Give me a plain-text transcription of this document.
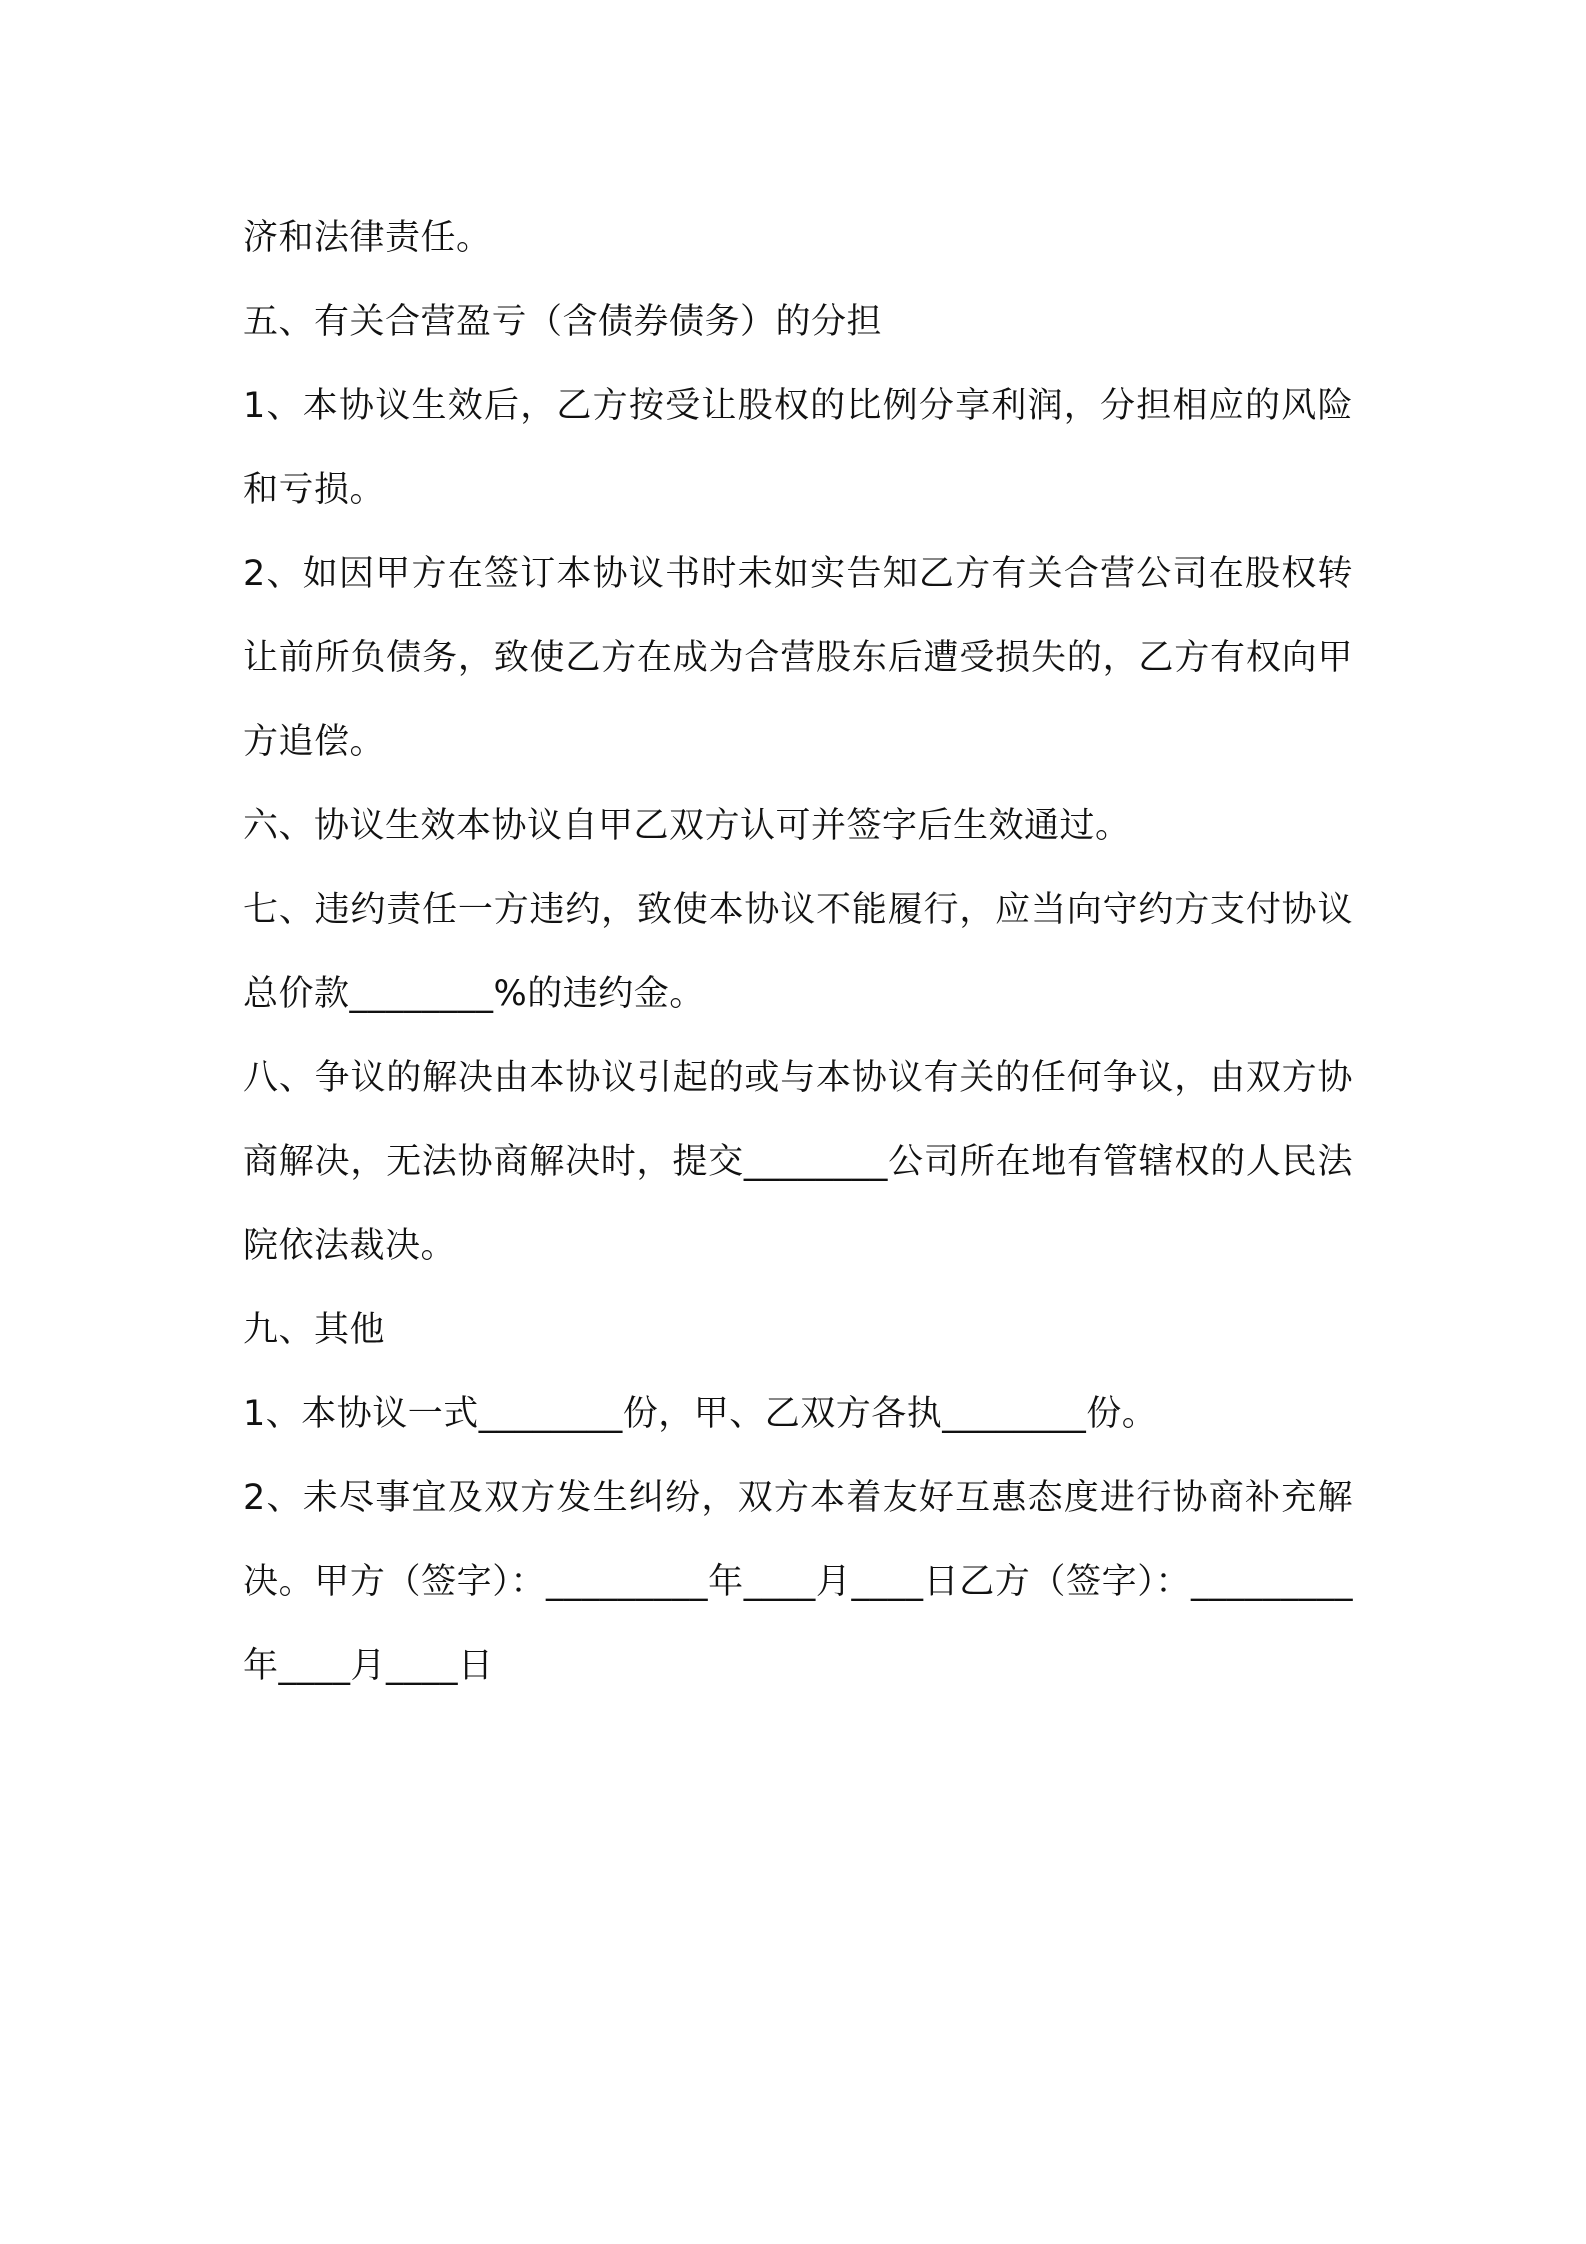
济和法律责任。

五、有关合营盈亏（含债券债务）的分担

1、本协议生效后，乙方按受让股权的比例分享利润，分担相应的风险和亏损。

2、如因甲方在签订本协议书时未如实告知乙方有关合营公司在股权转让前所负债务，致使乙方在成为合营股东后遭受损失的，乙方有权向甲方追偿。

六、协议生效本协议自甲乙双方认可并签字后生效通过。

七、违约责任一方违约，致使本协议不能履行，应当向守约方支付协议总价款________%的违约金。

八、争议的解决由本协议引起的或与本协议有关的任何争议，由双方协商解决，无法协商解决时，提交________公司所在地有管辖权的人民法院依法裁决。

九、其他

1、本协议一式________份，甲、乙双方各执________份。

2、未尽事宜及双方发生纠纷，双方本着友好互惠态度进行协商补充解决。甲方（签字）：_________年____月____日乙方（签字）：_________年____月____日
